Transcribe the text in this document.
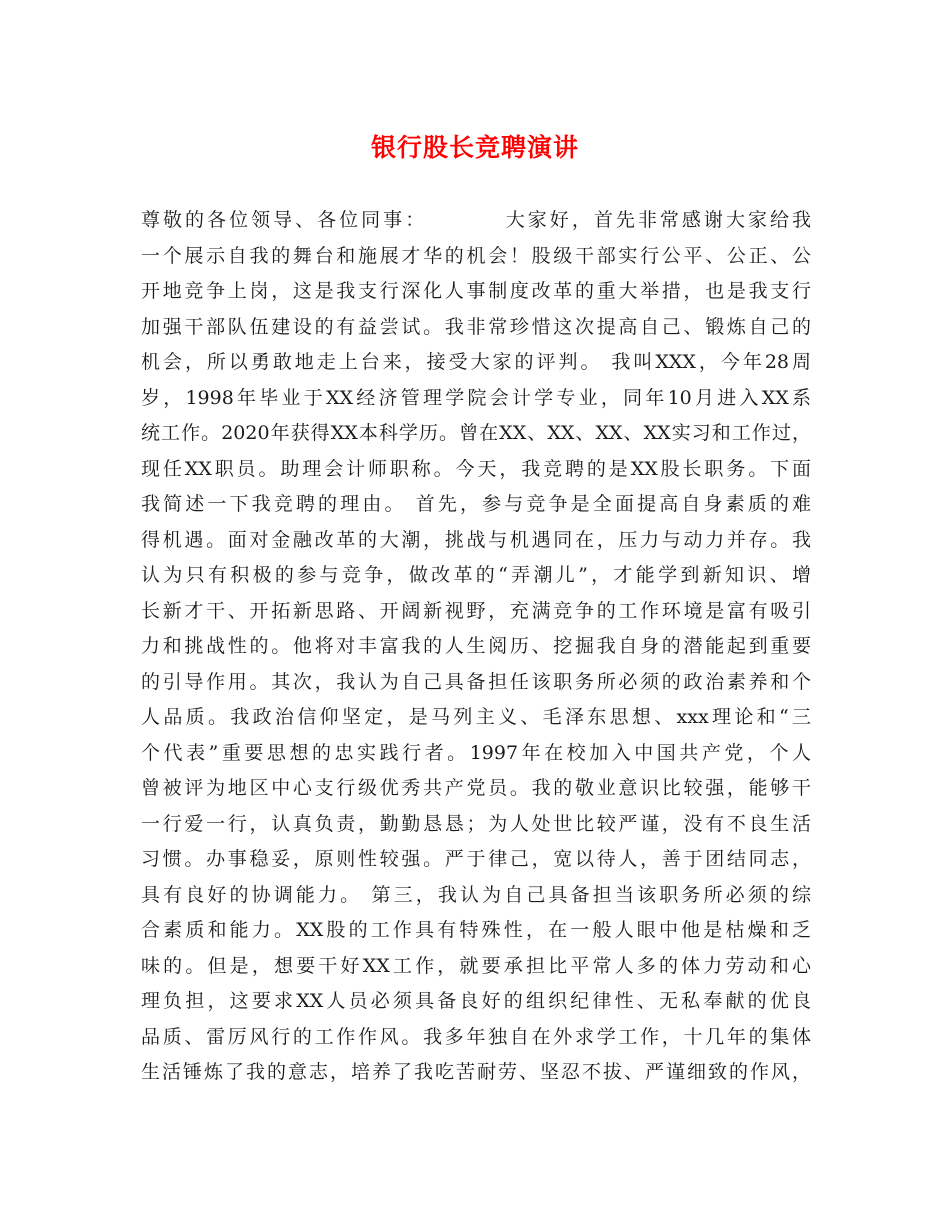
银行股长竞聘演讲
尊敬的各位领导、各位同事：　　　　大家好，首先非常感谢大家给我
一个展示自我的舞台和施展才华的机会！股级干部实行公平、公正、公
开地竞争上岗，这是我支行深化人事制度改革的重大举措，也是我支行
加强干部队伍建设的有益尝试。我非常珍惜这次提高自己、锻炼自己的
机会，所以勇敢地走上台来，接受大家的评判。 我叫XXX，今年28周
岁，1998年毕业于XX经济管理学院会计学专业，同年10月进入XX系
统工作。2020年获得XX本科学历。曾在XX、XX、XX、XX实习和工作过，
现任XX职员。助理会计师职称。今天，我竞聘的是XX股长职务。下面
我简述一下我竞聘的理由。 首先，参与竞争是全面提高自身素质的难
得机遇。面对金融改革的大潮，挑战与机遇同在，压力与动力并存。我
认为只有积极的参与竞争，做改革的“弄潮儿”，才能学到新知识、增
长新才干、开拓新思路、开阔新视野，充满竞争的工作环境是富有吸引
力和挑战性的。他将对丰富我的人生阅历、挖掘我自身的潜能起到重要
的引导作用。其次，我认为自己具备担任该职务所必须的政治素养和个
人品质。我政治信仰坚定，是马列主义、毛泽东思想、xxx理论和“三
个代表”重要思想的忠实践行者。1997年在校加入中国共产党，个人
曾被评为地区中心支行级优秀共产党员。我的敬业意识比较强，能够干
一行爱一行，认真负责，勤勤恳恳；为人处世比较严谨，没有不良生活
习惯。办事稳妥，原则性较强。严于律己，宽以待人，善于团结同志，
具有良好的协调能力。 第三，我认为自己具备担当该职务所必须的综
合素质和能力。XX股的工作具有特殊性，在一般人眼中他是枯燥和乏
味的。但是，想要干好XX工作，就要承担比平常人多的体力劳动和心
理负担，这要求XX人员必须具备良好的组织纪律性、无私奉献的优良
品质、雷厉风行的工作作风。我多年独自在外求学工作，十几年的集体
生活锤炼了我的意志，培养了我吃苦耐劳、坚忍不拔、严谨细致的作风，
